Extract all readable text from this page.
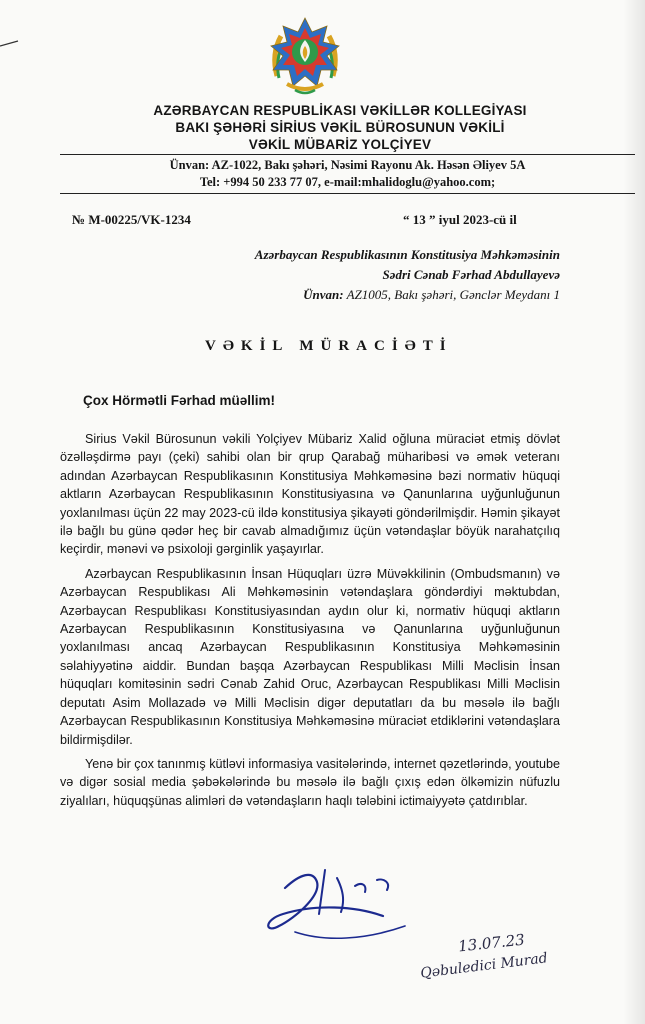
AZƏRBAYCAN RESPUBLİKASI VƏKİLLƏR KOLLEGİYASI
BAKI ŞƏHƏRİ SİRİUS VƏKİL BÜROSUNUN VƏKİLİ
VƏKİL MÜBARİZ YOLÇİYEV
Ünvan: AZ-1022, Bakı şəhəri, Nəsimi Rayonu Ak. Həsən Əliyev 5A
Tel: +994 50 233 77 07, e-mail:mhalidoglu@yahoo.com;
№ M-00225/VK-1234	“ 13 ” iyul 2023-cü il
Azərbaycan Respublikasının Konstitusiya Məhkəməsinin
Sədri Cənab Fərhad Abdullayevə
Ünvan: AZ1005, Bakı şəhəri, Gənclər Meydanı 1
VƏKİL MÜRACİƏTİ
Çox Hörmətli Fərhad müəllim!

Sirius Vəkil Bürosunun vəkili Yolçiyev Mübariz Xalid oğluna müraciət etmiş dövlət özəlləşdirmə payı (çeki) sahibi olan bir qrup Qarabağ müharibəsi və əmək veteranı adından Azərbaycan Respublikasının Konstitusiya Məhkəməsinə bəzi normativ hüquqi aktların Azərbaycan Respublikasının Konstitusiyasına və Qanunlarına uyğunluğunun yoxlanılması üçün 22 may 2023-cü ildə konstitusiya şikayəti göndərilmişdir. Həmin şikayət ilə bağlı bu günə qədər heç bir cavab almadığımız üçün vətəndaşlar böyük narahatçılıq keçirdir, mənəvi və psixoloji gərginlik yaşayırlar.

Azərbaycan Respublikasının İnsan Hüquqları üzrə Müvəkkilinin (Ombudsmanın) və Azərbaycan Respublikası Ali Məhkəməsinin vətəndaşlara göndərdiyi məktubdan, Azərbaycan Respublikası Konstitusiyasından aydın olur ki, normativ hüquqi aktların Azərbaycan Respublikasının Konstitusiyasına və Qanunlarına uyğunluğunun yoxlanılması ancaq Azərbaycan Respublikasının Konstitusiya Məhkəməsinin səlahiyyətinə aiddir. Bundan başqa Azərbaycan Respublikası Milli Məclisin İnsan hüquqları komitəsinin sədri Cənab Zahid Oruc, Azərbaycan Respublikası Milli Məclisin deputatı Asim Mollazadə və Milli Məclisin digər deputatları da bu məsələ ilə bağlı Azərbaycan Respublikasının Konstitusiya Məhkəməsinə müraciət etdiklərini vətəndaşlara bildirmişdilər.

Yenə bir çox tanınmış kütləvi informasiya vasitələrində, internet qəzetlərində, youtube və digər sosial media şəbəkələrində bu məsələ ilə bağlı çıxış edən ölkəmizin nüfuzlu ziyalıları, hüquqşünas alimləri də vətəndaşların haqlı tələbini ictimaiyyətə çatdırıblar.

13.07.23
Qəbuledici Murad
